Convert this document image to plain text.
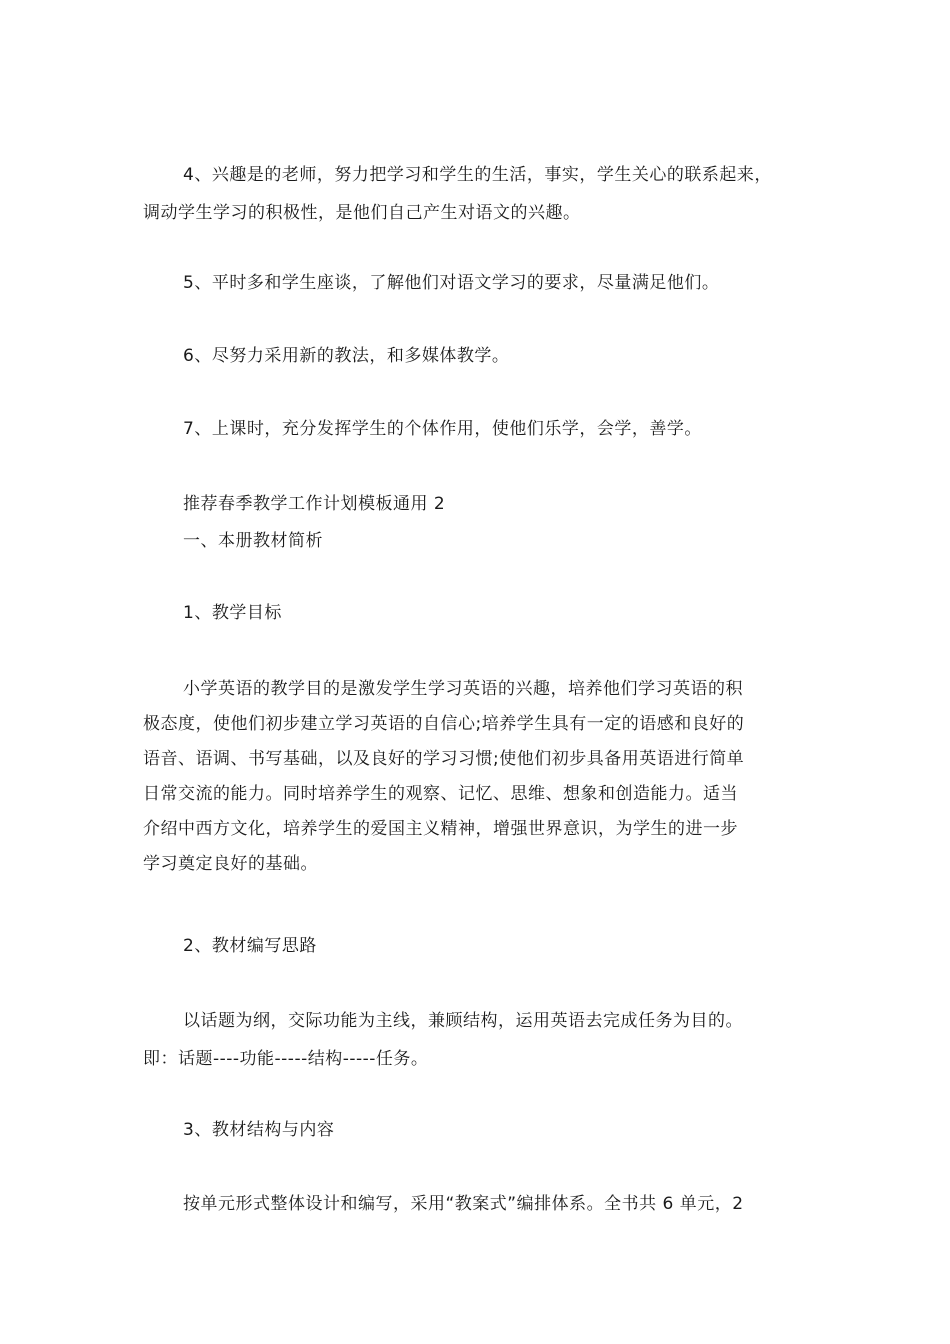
4、兴趣是的老师，努力把学习和学生的生活，事实，学生关心的联系起来，
调动学生学习的积极性，是他们自己产生对语文的兴趣。
5、平时多和学生座谈，了解他们对语文学习的要求，尽量满足他们。
6、尽努力采用新的教法，和多媒体教学。
7、上课时，充分发挥学生的个体作用，使他们乐学，会学，善学。
推荐春季教学工作计划模板通用 2
一、本册教材简析
1、教学目标
小学英语的教学目的是激发学生学习英语的兴趣，培养他们学习英语的积
极态度，使他们初步建立学习英语的自信心;培养学生具有一定的语感和良好的
语音、语调、书写基础，以及良好的学习习惯;使他们初步具备用英语进行简单
日常交流的能力。同时培养学生的观察、记忆、思维、想象和创造能力。适当
介绍中西方文化，培养学生的爱国主义精神，增强世界意识，为学生的进一步
学习奠定良好的基础。
2、教材编写思路
以话题为纲，交际功能为主线，兼顾结构，运用英语去完成任务为目的。
即：话题----功能-----结构-----任务。
3、教材结构与内容
按单元形式整体设计和编写，采用“教案式”编排体系。全书共 6 单元，2
